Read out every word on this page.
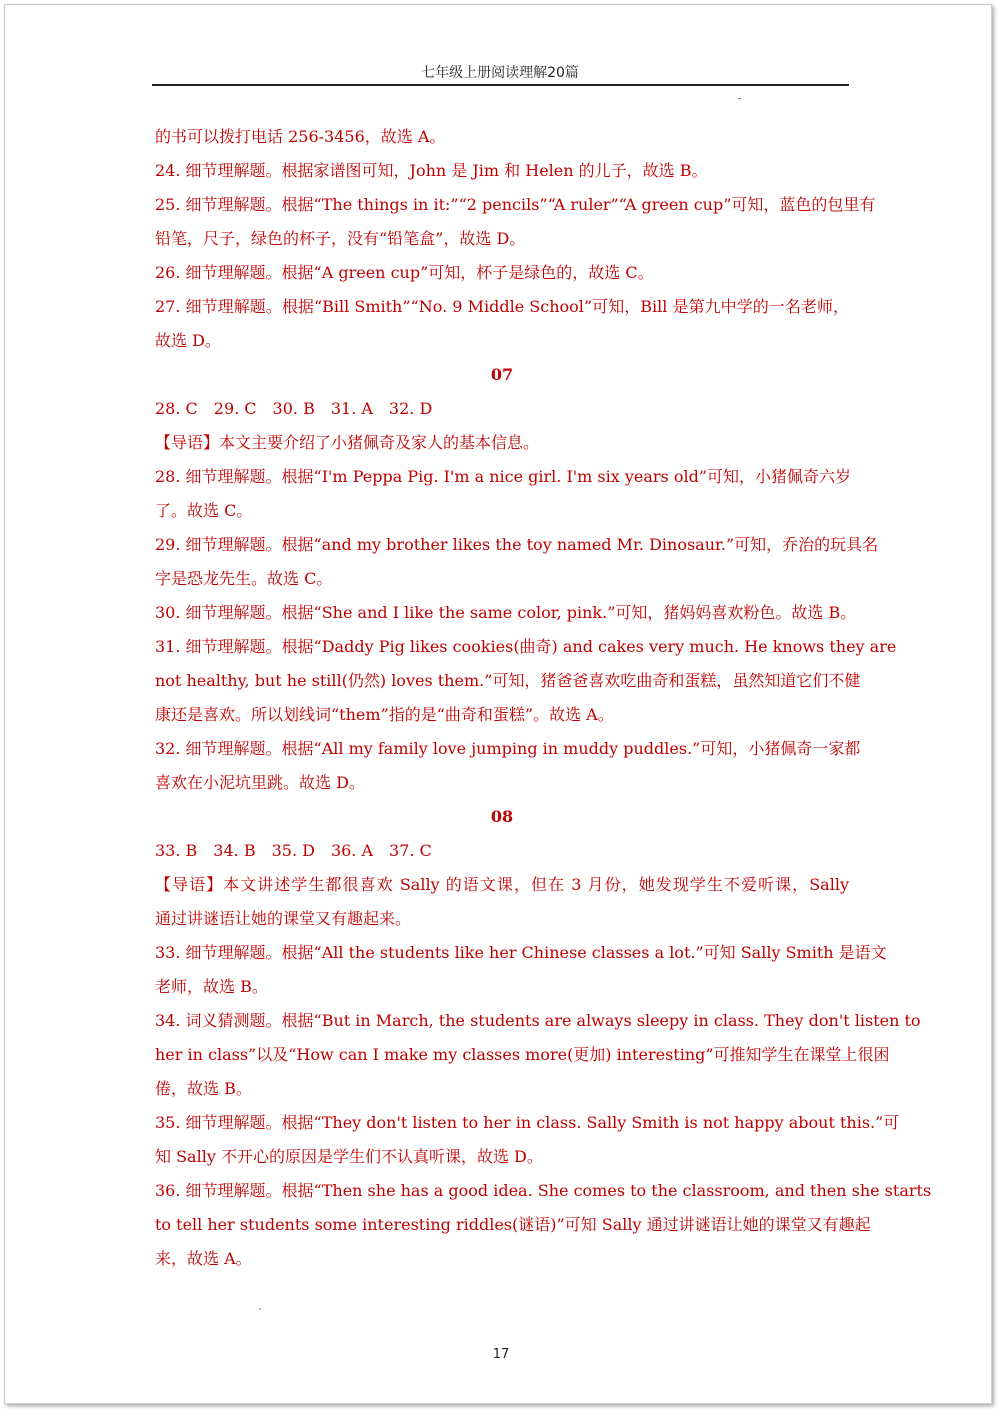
七年级上册阅读理解20篇
的书可以拨打电话 256-3456，故选 A。
24. 细节理解题。根据家谱图可知，John 是 Jim 和 Helen 的儿子，故选 B。
25. 细节理解题。根据“The things in it:”“2 pencils”“A ruler”“A green cup”可知，蓝色的包里有
铅笔，尺子，绿色的杯子，没有“铅笔盒”，故选 D。
26. 细节理解题。根据“A green cup”可知，杯子是绿色的，故选 C。
27. 细节理解题。根据“Bill Smith”“No. 9 Middle School”可知，Bill 是第九中学的一名老师，
故选 D。
07
28. C　29. C　30. B　31. A　32. D
【导语】本文主要介绍了小猪佩奇及家人的基本信息。
28. 细节理解题。根据“I'm Peppa Pig. I'm a nice girl. I'm six years old”可知，小猪佩奇六岁
了。故选 C。
29. 细节理解题。根据“and my brother likes the toy named Mr. Dinosaur.”可知，乔治的玩具名
字是恐龙先生。故选 C。
30. 细节理解题。根据“She and I like the same color, pink.”可知，猪妈妈喜欢粉色。故选 B。
31. 细节理解题。根据“Daddy Pig likes cookies(曲奇) and cakes very much. He knows they are
not healthy, but he still(仍然) loves them.”可知，猪爸爸喜欢吃曲奇和蛋糕，虽然知道它们不健
康还是喜欢。所以划线词“them”指的是“曲奇和蛋糕”。故选 A。
32. 细节理解题。根据“All my family love jumping in muddy puddles.”可知，小猪佩奇一家都
喜欢在小泥坑里跳。故选 D。
08
33. B　34. B　35. D　36. A　37. C
【导语】本文讲述学生都很喜欢 Sally 的语文课，但在 3 月份，她发现学生不爱听课，Sally
通过讲谜语让她的课堂又有趣起来。
33. 细节理解题。根据“All the students like her Chinese classes a lot.”可知 Sally Smith 是语文
老师，故选 B。
34. 词义猜测题。根据“But in March, the students are always sleepy in class. They don't listen to
her in class”以及“How can I make my classes more(更加) interesting”可推知学生在课堂上很困
倦，故选 B。
35. 细节理解题。根据“They don't listen to her in class. Sally Smith is not happy about this.”可
知 Sally 不开心的原因是学生们不认真听课，故选 D。
36. 细节理解题。根据“Then she has a good idea. She comes to the classroom, and then she starts
to tell her students some interesting riddles(谜语)”可知 Sally 通过讲谜语让她的课堂又有趣起
来，故选 A。
17
